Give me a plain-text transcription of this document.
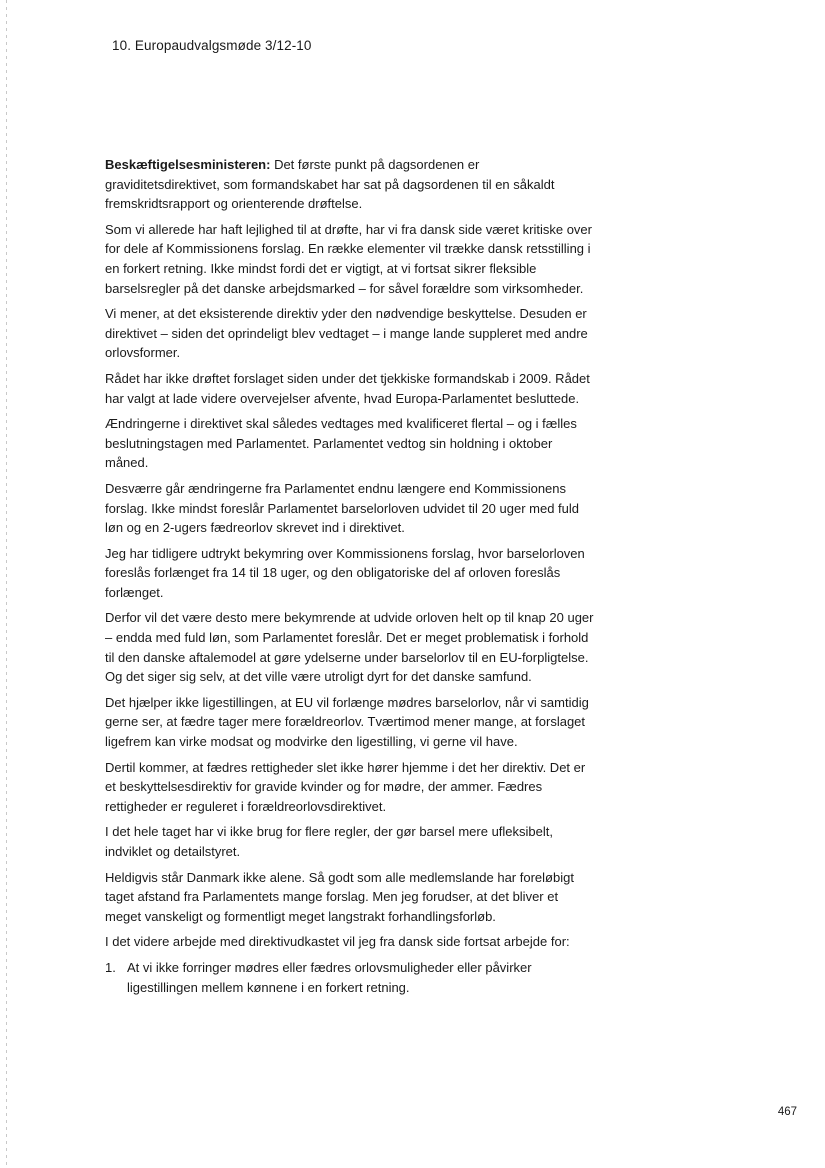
10. Europaudvalgsmøde 3/12-10

Beskæftigelsesministeren: Det første punkt på dagsordenen er graviditetsdirektivet, som formandskabet har sat på dagsordenen til en såkaldt fremskridtsrapport og orienterende drøftelse.

Som vi allerede har haft lejlighed til at drøfte, har vi fra dansk side været kritiske over for dele af Kommissionens forslag. En række elementer vil trække dansk retsstilling i en forkert retning. Ikke mindst fordi det er vigtigt, at vi fortsat sikrer fleksible barselsregler på det danske arbejdsmarked – for såvel forældre som virksomheder.

Vi mener, at det eksisterende direktiv yder den nødvendige beskyttelse. Desuden er direktivet – siden det oprindeligt blev vedtaget – i mange lande suppleret med andre orlovsformer.

Rådet har ikke drøftet forslaget siden under det tjekkiske formandskab i 2009. Rådet har valgt at lade videre overvejelser afvente, hvad Europa-Parlamentet besluttede.

Ændringerne i direktivet skal således vedtages med kvalificeret flertal – og i fælles beslutningstagen med Parlamentet. Parlamentet vedtog sin holdning i oktober måned.

Desværre går ændringerne fra Parlamentet endnu længere end Kommissionens forslag. Ikke mindst foreslår Parlamentet barselorloven udvidet til 20 uger med fuld løn og en 2-ugers fædreorlov skrevet ind i direktivet.

Jeg har tidligere udtrykt bekymring over Kommissionens forslag, hvor barselorloven foreslås forlænget fra 14 til 18 uger, og den obligatoriske del af orloven foreslås forlænget.

Derfor vil det være desto mere bekymrende at udvide orloven helt op til knap 20 uger – endda med fuld løn, som Parlamentet foreslår. Det er meget problematisk i forhold til den danske aftalemodel at gøre ydelserne under barselorlov til en EU-forpligtelse. Og det siger sig selv, at det ville være utroligt dyrt for det danske samfund.

Det hjælper ikke ligestillingen, at EU vil forlænge mødres barselorlov, når vi samtidig gerne ser, at fædre tager mere forældreorlov. Tværtimod mener mange, at forslaget ligefrem kan virke modsat og modvirke den ligestilling, vi gerne vil have.

Dertil kommer, at fædres rettigheder slet ikke hører hjemme i det her direktiv. Det er et beskyttelsesdirektiv for gravide kvinder og for mødre, der ammer. Fædres rettigheder er reguleret i forældreorlovsdirektivet.

I det hele taget har vi ikke brug for flere regler, der gør barsel mere ufleksibelt, indviklet og detailstyret.

Heldigvis står Danmark ikke alene. Så godt som alle medlemslande har foreløbigt taget afstand fra Parlamentets mange forslag. Men jeg forudser, at det bliver et meget vanskeligt og formentligt meget langstrakt forhandlingsforløb.

I det videre arbejde med direktivudkastet vil jeg fra dansk side fortsat arbejde for:

1. At vi ikke forringer mødres eller fædres orlovsmuligheder eller påvirker ligestillingen mellem kønnene i en forkert retning.
467
